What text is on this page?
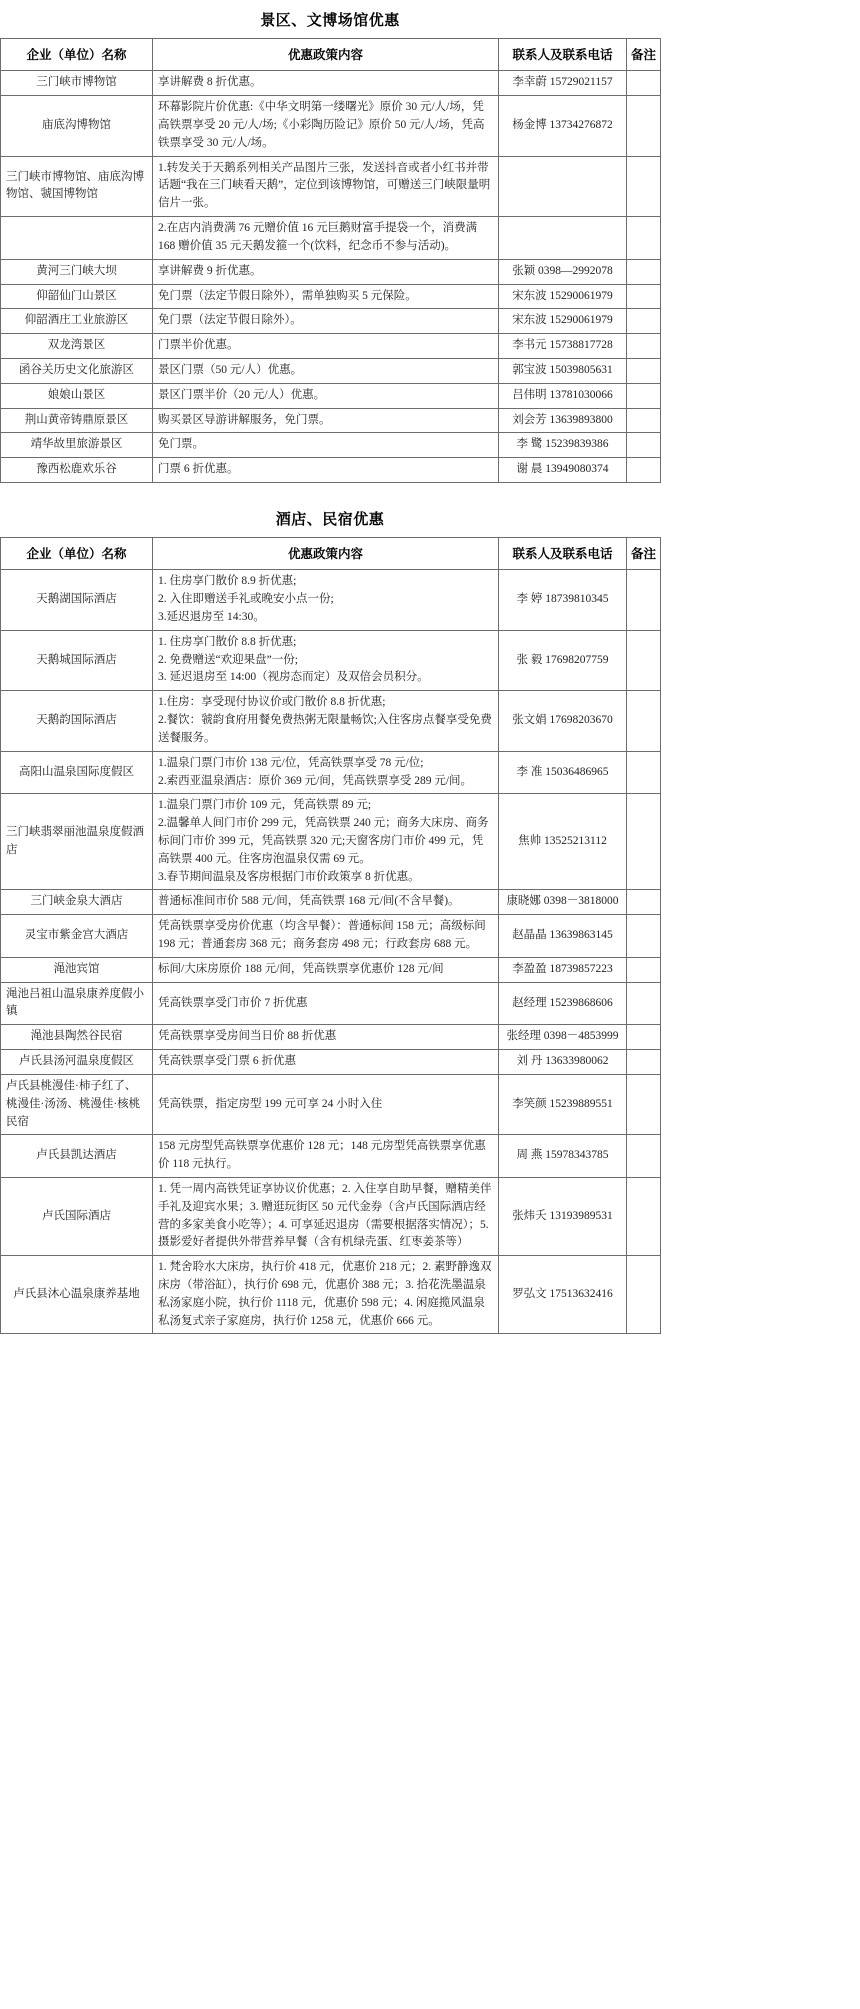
景区、文博场馆优惠
企业（单位）名称	优惠政策内容	联系人及联系电话	备注
三门峡市博物馆	享讲解费 8 折优惠。	李幸蔚 15729021157	
庙底沟博物馆	环幕影院片价优惠:《中华文明第一缕曙光》原价 30 元/人/场，凭高铁票享受 20 元/人/场;《小彩陶历险记》原价 50 元/人/场，凭高铁票享受 30 元/人/场。	杨金博 13734276872	
三门峡市博物馆、庙底沟博物馆、虢国博物馆	1.转发关于天鹅系列相关产品图片三张，发送抖音或者小红书并带话题“我在三门峡看天鹅”，定位到该博物馆，可赠送三门峡限量明信片一张。		

	2.在店内消费满 76 元赠价值 16 元巨鹅财富手提袋一个，消费满 168 赠价值 35 元天鹅发箍一个(饮料，纪念币不参与活动)。		

黄河三门峡大坝	享讲解费 9 折优惠。	张颖 0398—2992078	
仰韶仙门山景区	免门票（法定节假日除外），需单独购买 5 元保险。	宋东波 15290061979	
仰韶酒庄工业旅游区	免门票（法定节假日除外）。	宋东波 15290061979	
双龙湾景区	门票半价优惠。	李书元 15738817728	
函谷关历史文化旅游区	景区门票（50 元/人）优惠。	郭宝波 15039805631	
娘娘山景区	景区门票半价（20 元/人）优惠。	吕伟明 13781030066	
荆山黄帝铸鼎原景区	购买景区导游讲解服务，免门票。	刘会芳 13639893800	
靖华故里旅游景区	免门票。	李 鹭 15239839386	
豫西松鹿欢乐谷	门票 6 折优惠。	谢 晨 13949080374	
酒店、民宿优惠
企业（单位）名称	优惠政策内容	联系人及联系电话	备注
天鹅湖国际酒店	1. 住房享门散价 8.9 折优惠;
2. 入住即赠送手礼或晚安小点一份;
3.延迟退房至 14:30。	李 婷 18739810345	
天鹅城国际酒店	1. 住房享门散价 8.8 折优惠;
2. 免费赠送“欢迎果盘”一份;
3. 延迟退房至 14:00（视房态而定）及双倍会员积分。	张 毅 17698207759	
天鹅韵国际酒店	1.住房：享受现付协议价或门散价 8.8 折优惠;
2.餐饮：虢韵食府用餐免费热粥无限量畅饮;入住客房点餐享受免费送餐服务。	张文娟 17698203670	
高阳山温泉国际度假区	1.温泉门票门市价 138 元/位，凭高铁票享受 78 元/位;
2.索西亚温泉酒店：原价 369 元/间，凭高铁票享受 289 元/间。	李 准 15036486965	
三门峡翡翠丽池温泉度假酒店	1.温泉门票门市价 109 元，凭高铁票 89 元;
2.温馨单人间门市价 299 元，凭高铁票 240 元；商务大床房、商务标间门市价 399 元，凭高铁票 320 元;天窗客房门市价 499 元，凭高铁票 400 元。住客房泡温泉仅需 69 元。
3.春节期间温泉及客房根据门市价政策享 8 折优惠。	焦帅 13525213112	
三门峡金泉大酒店	普通标准间市价 588 元/间，凭高铁票 168 元/间(不含早餐)。	康晓娜 0398－3818000	
灵宝市紫金宫大酒店	凭高铁票享受房价优惠（均含早餐）：普通标间 158 元；高级标间 198 元；普通套房 368 元；商务套房 498 元；行政套房 688 元。	赵晶晶 13639863145	
渑池宾馆	标间/大床房原价 188 元/间，凭高铁票享优惠价 128 元/间	李盈盈 18739857223	
渑池吕祖山温泉康养度假小镇	凭高铁票享受门市价 7 折优惠	赵经理 15239868606	
渑池县陶然谷民宿	凭高铁票享受房间当日价 88 折优惠	张经理 0398－4853999	
卢氏县汤河温泉度假区	凭高铁票享受门票 6 折优惠	刘 丹 13633980062	
卢氏县桃漫佳·柿子红了、桃漫佳·汤汤、桃漫佳·核桃民宿	凭高铁票，指定房型 199 元可享 24 小时入住	李笑颜 15239889551	
卢氏县凯达酒店	158 元房型凭高铁票享优惠价 128 元；148 元房型凭高铁票享优惠价 118 元执行。	周 燕 15978343785	
卢氏国际酒店	1. 凭一周内高铁凭证享协议价优惠；2. 入住享自助早餐，赠精美伴手礼及迎宾水果；3. 赠逛玩街区 50 元代金券（含卢氏国际酒店经营的多家美食小吃等）；4. 可享延迟退房（需要根据落实情况）；5. 摄影爱好者提供外带营养早餐（含有机绿壳蛋、红枣姜茶等）	张炜夭 13193989531	
卢氏县沐心温泉康养基地	1. 梵舍聆水大床房，执行价 418 元，优惠价 218 元；2. 素野静逸双床房（带浴缸），执行价 698 元，优惠价 388 元；3. 拾花洗墨温泉私汤家庭小院，执行价 1118 元，优惠价 598 元；4. 闲庭揽风温泉私汤复式亲子家庭房，执行价 1258 元，优惠价 666 元。	罗弘文 17513632416	
